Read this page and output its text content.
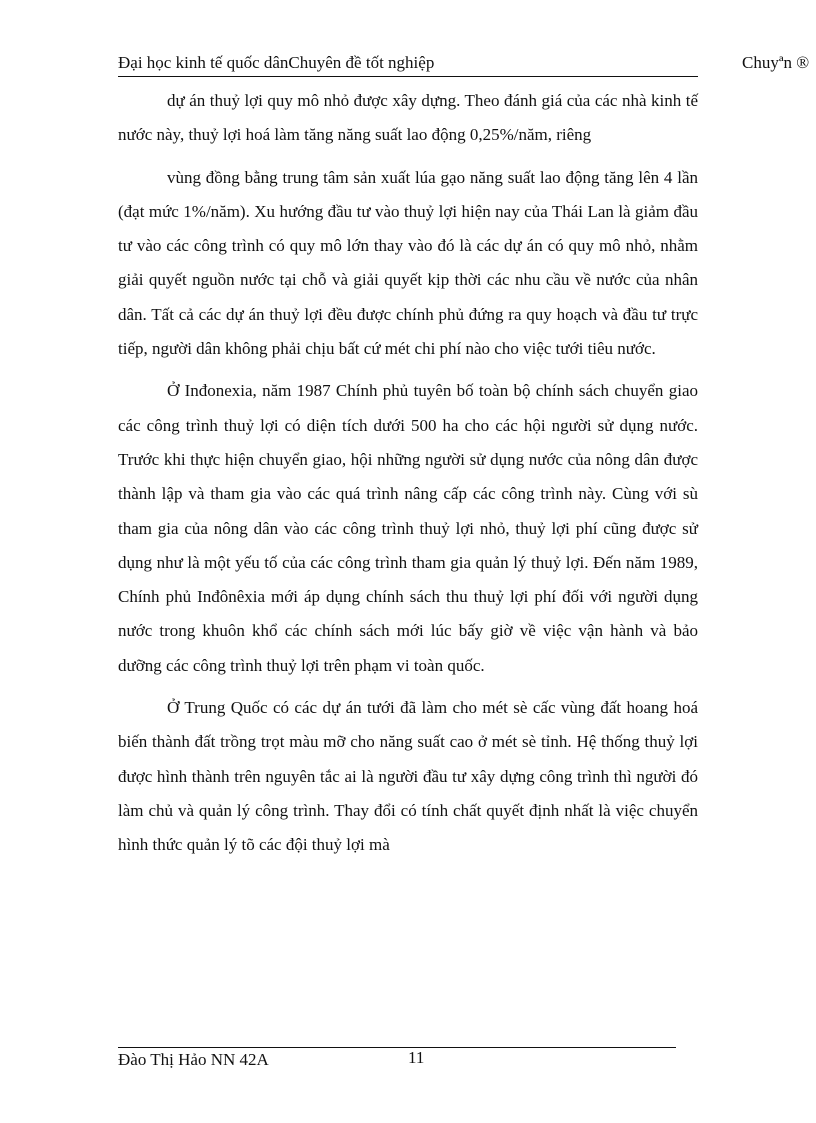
Đại học kinh tế quốc dânChuyên đề tốt nghiệp	Chuyªn ®

dự án thuỷ lợi quy mô nhỏ được xây dựng. Theo đánh giá của các nhà kinh tế nước này, thuỷ lợi hoá làm tăng năng suất lao động 0,25%/năm, riêng

vùng đồng bằng trung tâm sản xuất lúa gạo năng suất lao động tăng lên 4 lần (đạt mức 1%/năm). Xu hướng đầu tư vào thuỷ lợi hiện nay của Thái Lan là giảm đầu tư vào các công trình có quy mô lớn thay vào đó là các dự án có quy mô nhỏ, nhằm giải quyết nguồn nước tại chỗ và giải quyết kịp thời các nhu cầu về nước của nhân dân. Tất cả các dự án thuỷ lợi đều được chính phủ đứng ra quy hoạch và đầu tư trực tiếp, người dân không phải chịu bất cứ mét chi phí nào cho việc tưới tiêu nước.

Ở Inđonexia, năm 1987 Chính phủ tuyên bố toàn bộ chính sách chuyển giao các công trình thuỷ lợi có diện tích dưới 500 ha cho các hội người sử dụng nước. Trước khi thực hiện chuyển giao, hội những người sử dụng nước của nông dân được thành lập và tham gia vào các quá trình nâng cấp các công trình này. Cùng với sù tham gia của nông dân vào các công trình thuỷ lợi nhỏ, thuỷ lợi phí cũng được sử dụng như là một yếu tố của các công trình tham gia quản lý thuỷ lợi. Đến năm 1989, Chính phủ Inđônêxia mới áp dụng chính sách thu thuỷ lợi phí đối với người dụng nước trong khuôn khổ các chính sách mới lúc bấy giờ về việc vận hành và bảo dưỡng các công trình thuỷ lợi trên phạm vi toàn quốc.

Ở Trung Quốc có các dự án tưới đã làm cho mét sè cấc vùng đất hoang hoá biến thành đất trồng trọt màu mỡ cho năng suất cao ở mét sè tỉnh. Hệ thống thuỷ lợi được hình thành trên nguyên tắc ai là người đầu tư xây dựng công trình thì người đó làm chủ và quản lý công trình. Thay đổi có tính chất quyết định nhất là việc chuyển hình thức quản lý tõ các đội thuỷ lợi mà

Đào Thị Hảo NN 42A	11
